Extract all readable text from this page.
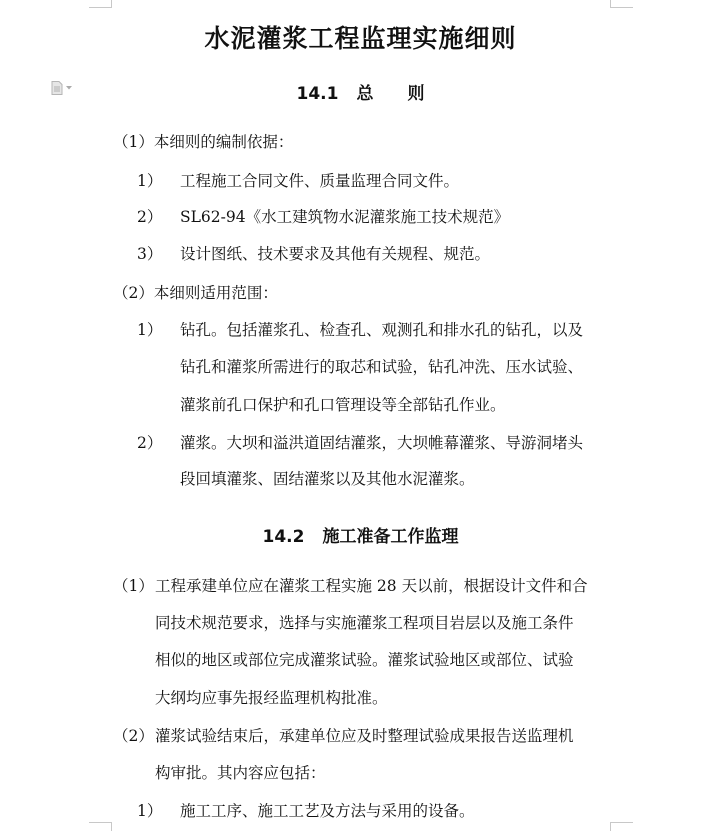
水泥灌浆工程监理实施细则
14.1 总　　则
（1）本细则的编制依据：
1） 工程施工合同文件、质量监理合同文件。
2） SL62-94《水工建筑物水泥灌浆施工技术规范》
3） 设计图纸、技术要求及其他有关规程、规范。
（2）本细则适用范围：
1） 钻孔。包括灌浆孔、检查孔、观测孔和排水孔的钻孔，以及
钻孔和灌浆所需进行的取芯和试验，钻孔冲洗、压水试验、
灌浆前孔口保护和孔口管理设等全部钻孔作业。
2） 灌浆。大坝和溢洪道固结灌浆，大坝帷幕灌浆、导游洞堵头
段回填灌浆、固结灌浆以及其他水泥灌浆。
14.2 施工准备工作监理
（1） 工程承建单位应在灌浆工程实施 28 天以前，根据设计文件和合
同技术规范要求，选择与实施灌浆工程项目岩层以及施工条件
相似的地区或部位完成灌浆试验。灌浆试验地区或部位、试验
大纲均应事先报经监理机构批准。
（2） 灌浆试验结束后，承建单位应及时整理试验成果报告送监理机
构审批。其内容应包括：
1） 施工工序、施工工艺及方法与采用的设备。
